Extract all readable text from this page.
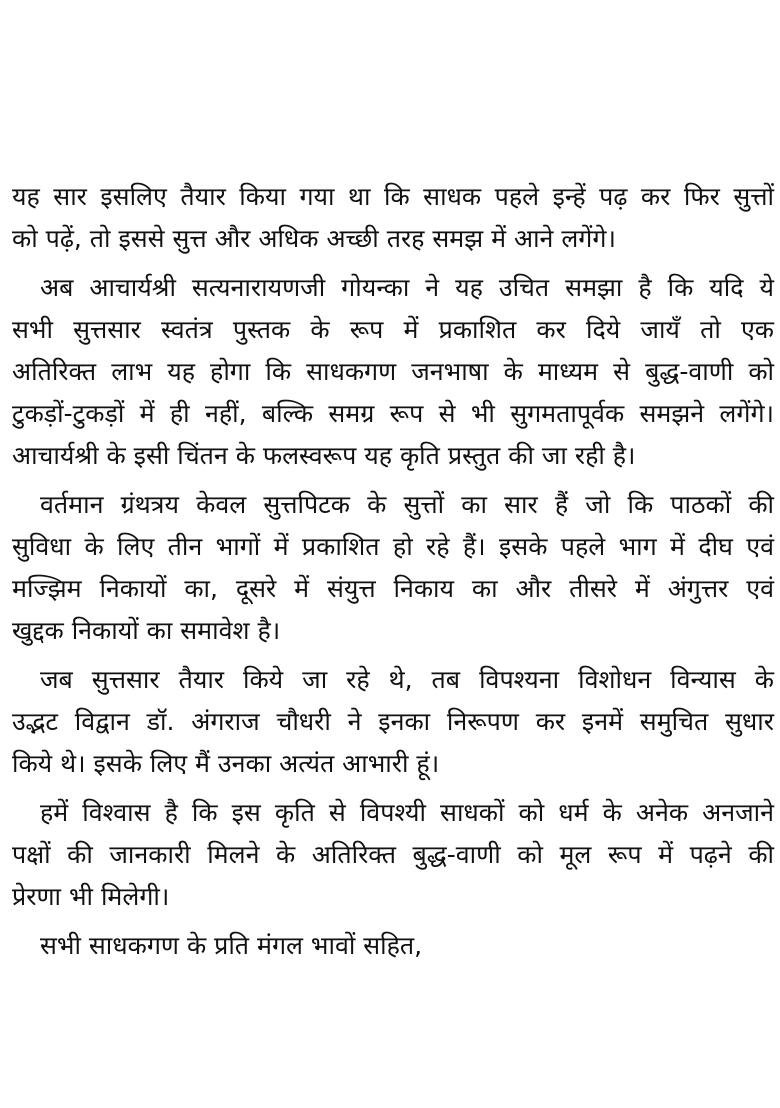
यह सार इसलिए तैयार किया गया था कि साधक पहले इन्हें पढ़ कर फिर सुत्तों
को पढ़ें, तो इससे सुत्त और अधिक अच्छी तरह समझ में आने लगेंगे।
अब आचार्यश्री सत्यनारायणजी गोयन्का ने यह उचित समझा है कि यदि ये
सभी सुत्तसार स्वतंत्र पुस्तक के रूप में प्रकाशित कर दिये जायँ तो एक
अतिरिक्त लाभ यह होगा कि साधकगण जनभाषा के माध्यम से बुद्ध-वाणी को
टुकड़ों-टुकड़ों में ही नहीं, बल्कि समग्र रूप से भी सुगमतापूर्वक समझने लगेंगे।
आचार्यश्री के इसी चिंतन के फलस्वरूप यह कृति प्रस्तुत की जा रही है।
वर्तमान ग्रंथत्रय केवल सुत्तपिटक के सुत्तों का सार हैं जो कि पाठकों की
सुविधा के लिए तीन भागों में प्रकाशित हो रहे हैं। इसके पहले भाग में दीघ एवं
मज्झिम निकायों का, दूसरे में संयुत्त निकाय का और तीसरे में अंगुत्तर एवं
खुद्दक निकायों का समावेश है।
जब सुत्तसार तैयार किये जा रहे थे, तब विपश्यना विशोधन विन्यास के
उद्भट विद्वान डॉ. अंगराज चौधरी ने इनका निरूपण कर इनमें समुचित सुधार
किये थे। इसके लिए मैं उनका अत्यंत आभारी हूं।
हमें विश्वास है कि इस कृति से विपश्यी साधकों को धर्म के अनेक अनजाने
पक्षों की जानकारी मिलने के अतिरिक्त बुद्ध-वाणी को मूल रूप में पढ़ने की
प्रेरणा भी मिलेगी।
सभी साधकगण के प्रति मंगल भावों सहित,
